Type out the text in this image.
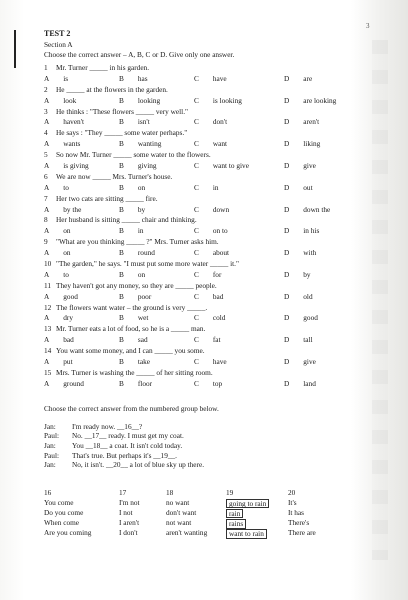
3
TEST 2
Section A
Choose the correct answer – A, B, C or D. Give only one answer.
1 Mr. Turner _____ in his garden.
A is	B has	C have	D are
2 He _____ at the flowers in the garden.
A look	B looking	C is looking	D are looking
3 He thinks : "These flowers _____ very well."
A haven't	B isn't	C don't	D aren't
4 He says : "They _____ some water perhaps."
A wants	B wanting	C want	D liking
5 So now Mr. Turner _____ some water to the flowers.
A is giving	B giving	C want to give	D give
6 We are now _____ Mrs. Turner's house.
A to	B on	C in	D out
7 Her two cats are sitting _____ fire.
A by the	B by	C down	D down the
8 Her husband is sitting _____ chair and thinking.
A on	B in	C on to	D in his
9 "What are you thinking _____ ?" Mrs. Turner asks him.
A on	B round	C about	D with
10 "The garden," he says. "I must put some more water _____ it."
A to	B on	C for	D by
11 They haven't got any money, so they are _____ people.
A good	B poor	C bad	D old
12 The flowers want water – the ground is very _____.
A dry	B wet	C cold	D good
13 Mr. Turner eats a lot of food, so he is a _____ man.
A bad	B sad	C fat	D tall
14 You want some money, and I can _____ you some.
A put	B take	C have	D give
15 Mrs. Turner is washing the _____ of her sitting room.
A ground	B floor	C top	D land
Choose the correct answer from the numbered group below.
Jan: I'm ready now. __16__?
Paul: No. __17__ ready. I must get my coat.
Jan: You __18__ a coat. It isn't cold today.
Paul: That's true. But perhaps it's __19__.
Jan: No, it isn't. __20__ a lot of blue sky up there.
16	17	18	19	20
You come	I'm not	no want	going to rain	It's
Do you come	I not	don't want	rain	It has
When come	I aren't	not want	rains	There's
Are you coming	I don't	aren't wanting	want to rain	There are
